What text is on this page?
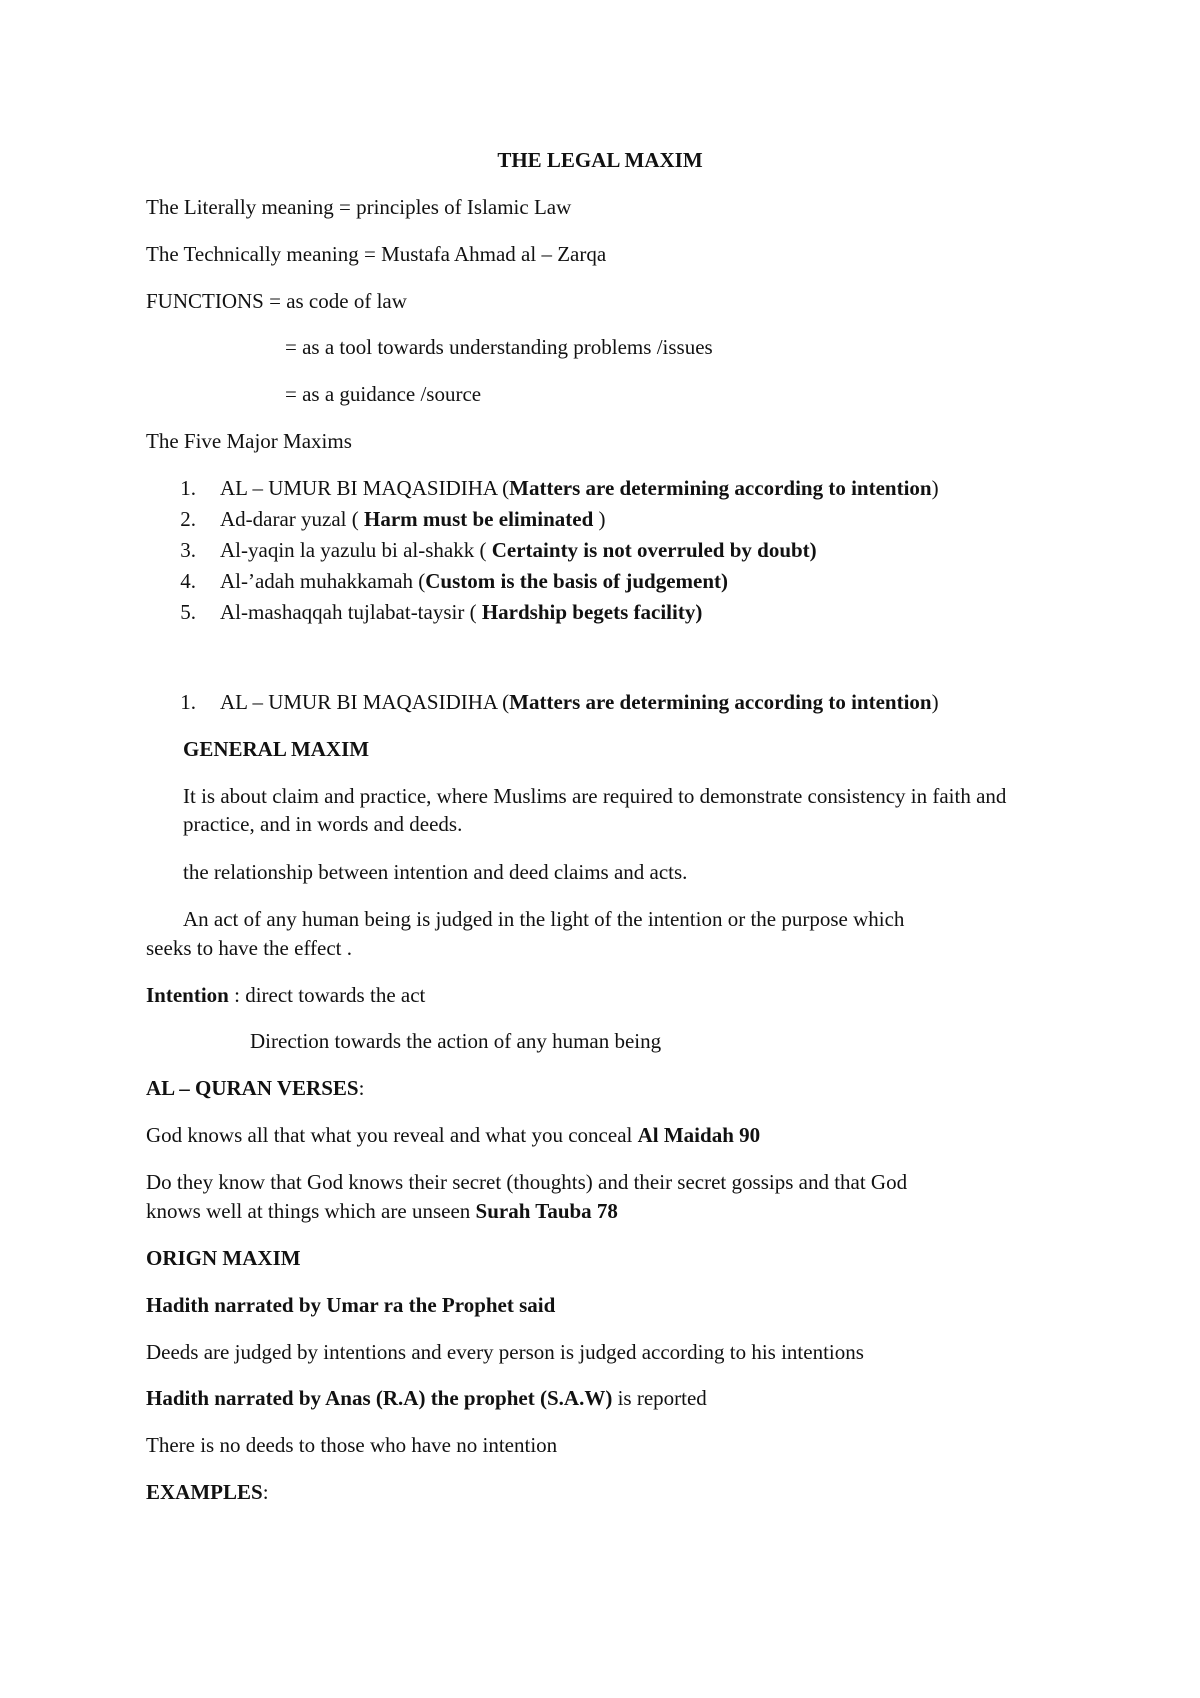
THE LEGAL MAXIM

The Literally meaning = principles of Islamic Law

The Technically meaning = Mustafa Ahmad al – Zarqa

FUNCTIONS = as code of law

= as a tool towards understanding problems /issues

= as a guidance /source

The Five Major Maxims

1. AL – UMUR BI MAQASIDIHA (Matters are determining according to intention)

2. Ad-darar yuzal ( Harm must be eliminated )

3. Al-yaqin la yazulu bi al-shakk ( Certainty is not overruled by doubt)

4. Al-’adah muhakkamah (Custom is the basis of judgement)

5. Al-mashaqqah tujlabat-taysir ( Hardship begets facility)

1. AL – UMUR BI MAQASIDIHA (Matters are determining according to intention)

GENERAL MAXIM

It is about claim and practice, where Muslims are required to demonstrate consistency in faith and practice, and in words and deeds.

the relationship between intention and deed claims and acts.

An act of any human being is judged in the light of the intention or the purpose which

seeks to have the effect .

Intention : direct towards the act

Direction towards the action of any human being

AL – QURAN VERSES:

God knows all that what you reveal and what you conceal Al Maidah 90

Do they know that God knows their secret (thoughts) and their secret gossips and that God

knows well at things which are unseen Surah Tauba 78

ORIGN MAXIM

Hadith narrated by Umar ra the Prophet said

Deeds are judged by intentions and every person is judged according to his intentions

Hadith narrated by Anas (R.A) the prophet (S.A.W) is reported

There is no deeds to those who have no intention

EXAMPLES:
